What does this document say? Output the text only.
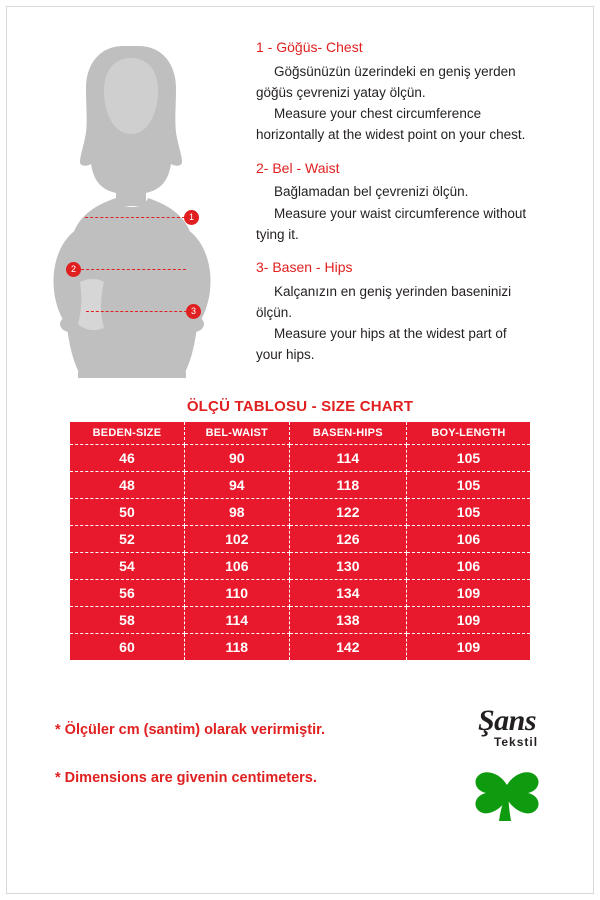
1
2
3

1 - Göğüs- Chest

Göğsünüzün üzerindeki en geniş yerden

göğüs çevrenizi yatay ölçün.

Measure your chest circumference

horizontally at the widest point on your chest.

2- Bel - Waist

Bağlamadan bel çevrenizi ölçün.

Measure your waist circumference without

tying it.

3- Basen - Hips

Kalçanızın en geniş yerinden baseninizi

ölçün.

Measure your hips at the widest part of

your hips.

ÖLÇÜ TABLOSU - SIZE CHART
BEDEN-SIZE	BEL-WAIST	BASEN-HIPS	BOY-LENGTH
46	90	114	105
48	94	118	105
50	98	122	105
52	102	126	106
54	106	130	106
56	110	134	109
58	114	138	109
60	118	142	109
* Ölçüler cm (santim) olarak verirmiştir.
* Dimensions are givenin centimeters.
Şans
Tekstil
